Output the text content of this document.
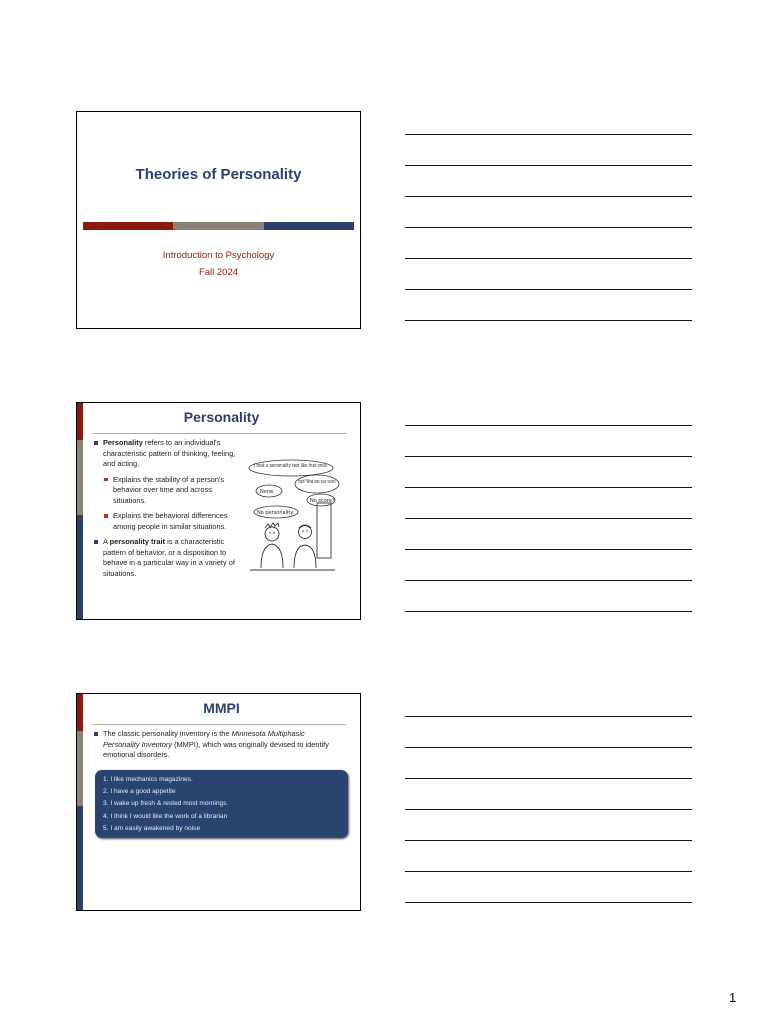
Theories of Personality
Introduction to Psychology
Fall 2024
Personality
Personality refers to an individual's characteristic pattern of thinking, feeling, and acting.
Explains the stability of a person's behavior over time and across situations.
Explains the behavioral differences among people in similar situations.
A personality trait is a characteristic pattern of behavior, or a disposition to behave in a particular way in a variety of situations.
I took a personality test like that once.
Yeah? What was your score?
None.
No score?
No personality.
MMPI
The classic personality inventory is the Minnesota Multiphasic Personality Inventory (MMPI), which was originally devised to identify emotional disorders.
1. I like mechanics magazines.
2. I have a good appetite
3. I wake up fresh & rested most mornings
4. I think I would like the work of a librarian
5. I am easily awakened by noise
1
